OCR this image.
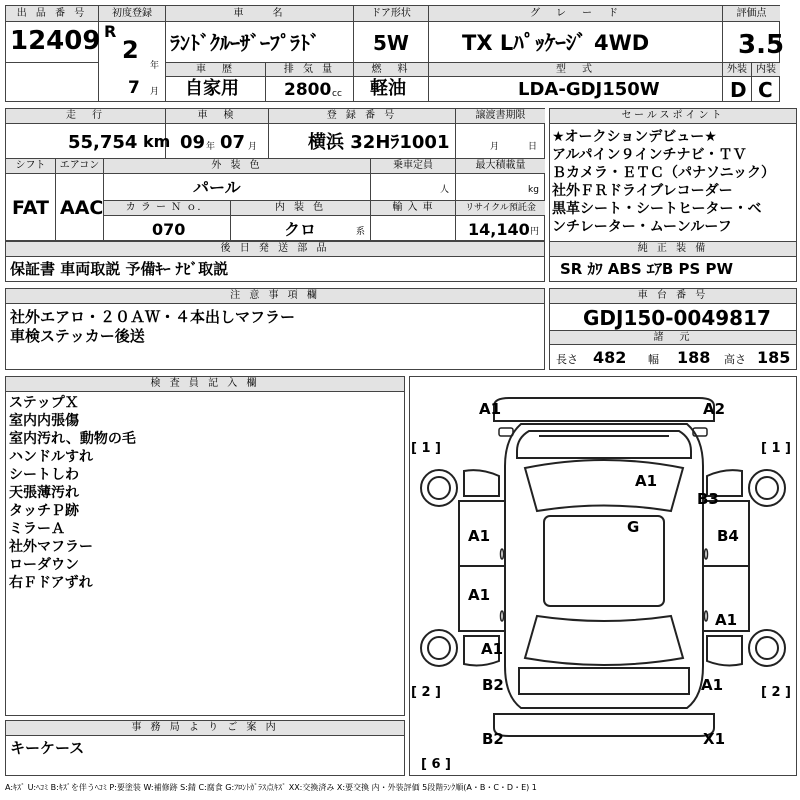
出 品 番 号
12409
初度登録
R
2
年
7 月
車　　名
ﾗﾝﾄﾞｸﾙｰｻﾞｰﾌﾟﾗﾄﾞ
車　歴
自家用
排 気 量
2800 cc
ドア形状
5W
燃　料
軽油
グ　レ　ー　ド
TX Lﾊﾟｯｹｰｼﾞ 4WD
型　式
LDA-GDJ150W
評価点
3.5
外装
D
内装
C
走　行
55,754 km
車　検
09 年 07 月
登 録 番 号
横浜 32Hﾗ1001
譲渡書期限
月	日
シフト
FAT
エアコン
AAC
外 装 色
パール
乗車定員
人
最大積載量
kg
カ ラ ー Ｎ ｏ．
070
内 装 色
クロ	系
輸 入 車	リサイクル預託金
14,140 円
後 日 発 送 部 品
保証書 車両取説 予備ｷｰ ﾅﾋﾞ取説
セールスポイント
★オークションデビュー★
アルパイン９インチナビ・ＴＶ
Ｂカメラ・ＥＴＣ（パナソニック）
社外ＦＲドライブレコーダー
黒革シート・シートヒーター・ベ
ンチレーター・ムーンルーフ
純 正 装 備
SR ｶﾜ ABS ｴｱB PS PW
注 意 事 項 欄
社外エアロ・２０ＡＷ・４本出しマフラー
車検ステッカー後送
車 台 番 号
GDJ150-0049817
諸　元
長さ 482 幅 188 高さ 185
検 査 員 記 入 欄
ステップＸ
室内内張傷
室内汚れ、動物の毛
ハンドルすれ
シートしわ
天張薄汚れ
タッチＰ跡
ミラーＡ
社外マフラー
ローダウン
右Ｆドアずれ
事 務 局 よ り ご 案 内
キーケース
A1	A2
A1
B3
G
A1	B4
A1
A1
A1
B2	A1
B2	X1
[ 1 ]	[ 1 ]
[ 2 ]	[ 2 ]
[ 6 ]
A:ｷｽﾞ U:ﾍｺﾐ B:ｷｽﾞを伴うﾍｺﾐ P:要塗装 W:補修跡 S:錆 C:腐食 G:ﾌﾛﾝﾄｶﾞﾗｽ点ｷｽﾞ XX:交換済み X:要交換 内・外装評価 5段階ﾗﾝｸ順(A・B・C・D・E) 1
